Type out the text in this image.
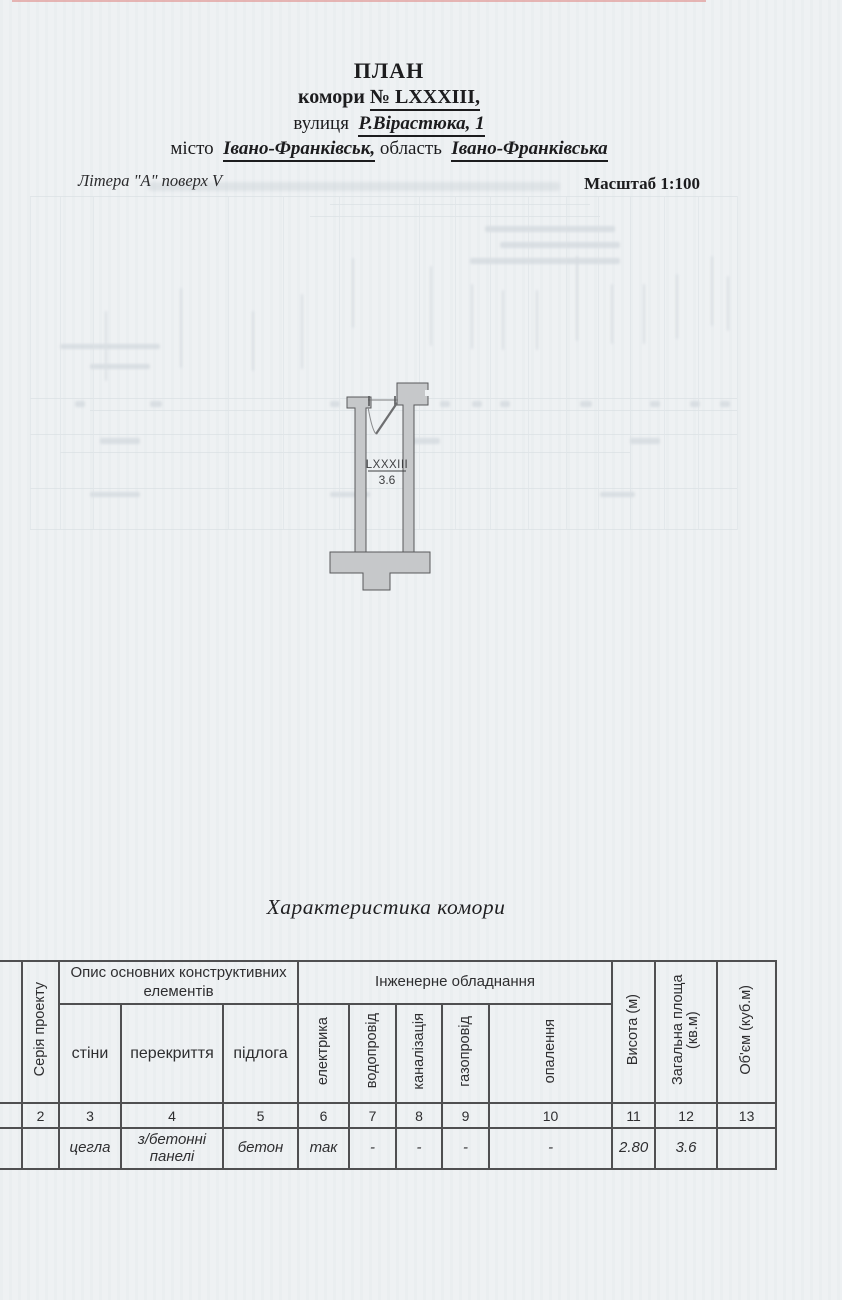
ПЛАН
комори № LXXXIII,
вулиця Р.Вірастюка, 1
місто Івано-Франківськ, область Івано-Франківська
Літера "А" поверх V	Масштаб 1:100
LXXXIII
3.6
Характеристика комори
	Серія проекту	Опис основних конструктивних елементів			Інженерне обладнання					Висота (м)	Загальна площа (кв.м)	Об'єм (куб.м)
		стіни	перекриття	підлога	електрика	водопровід	каналізація	газопровід	опалення			
	2	3	4	5	6	7	8	9	10	11	12	13
		цегла	з/бетонні панелі	бетон	так	-	-	-	-	2.80	3.6	
